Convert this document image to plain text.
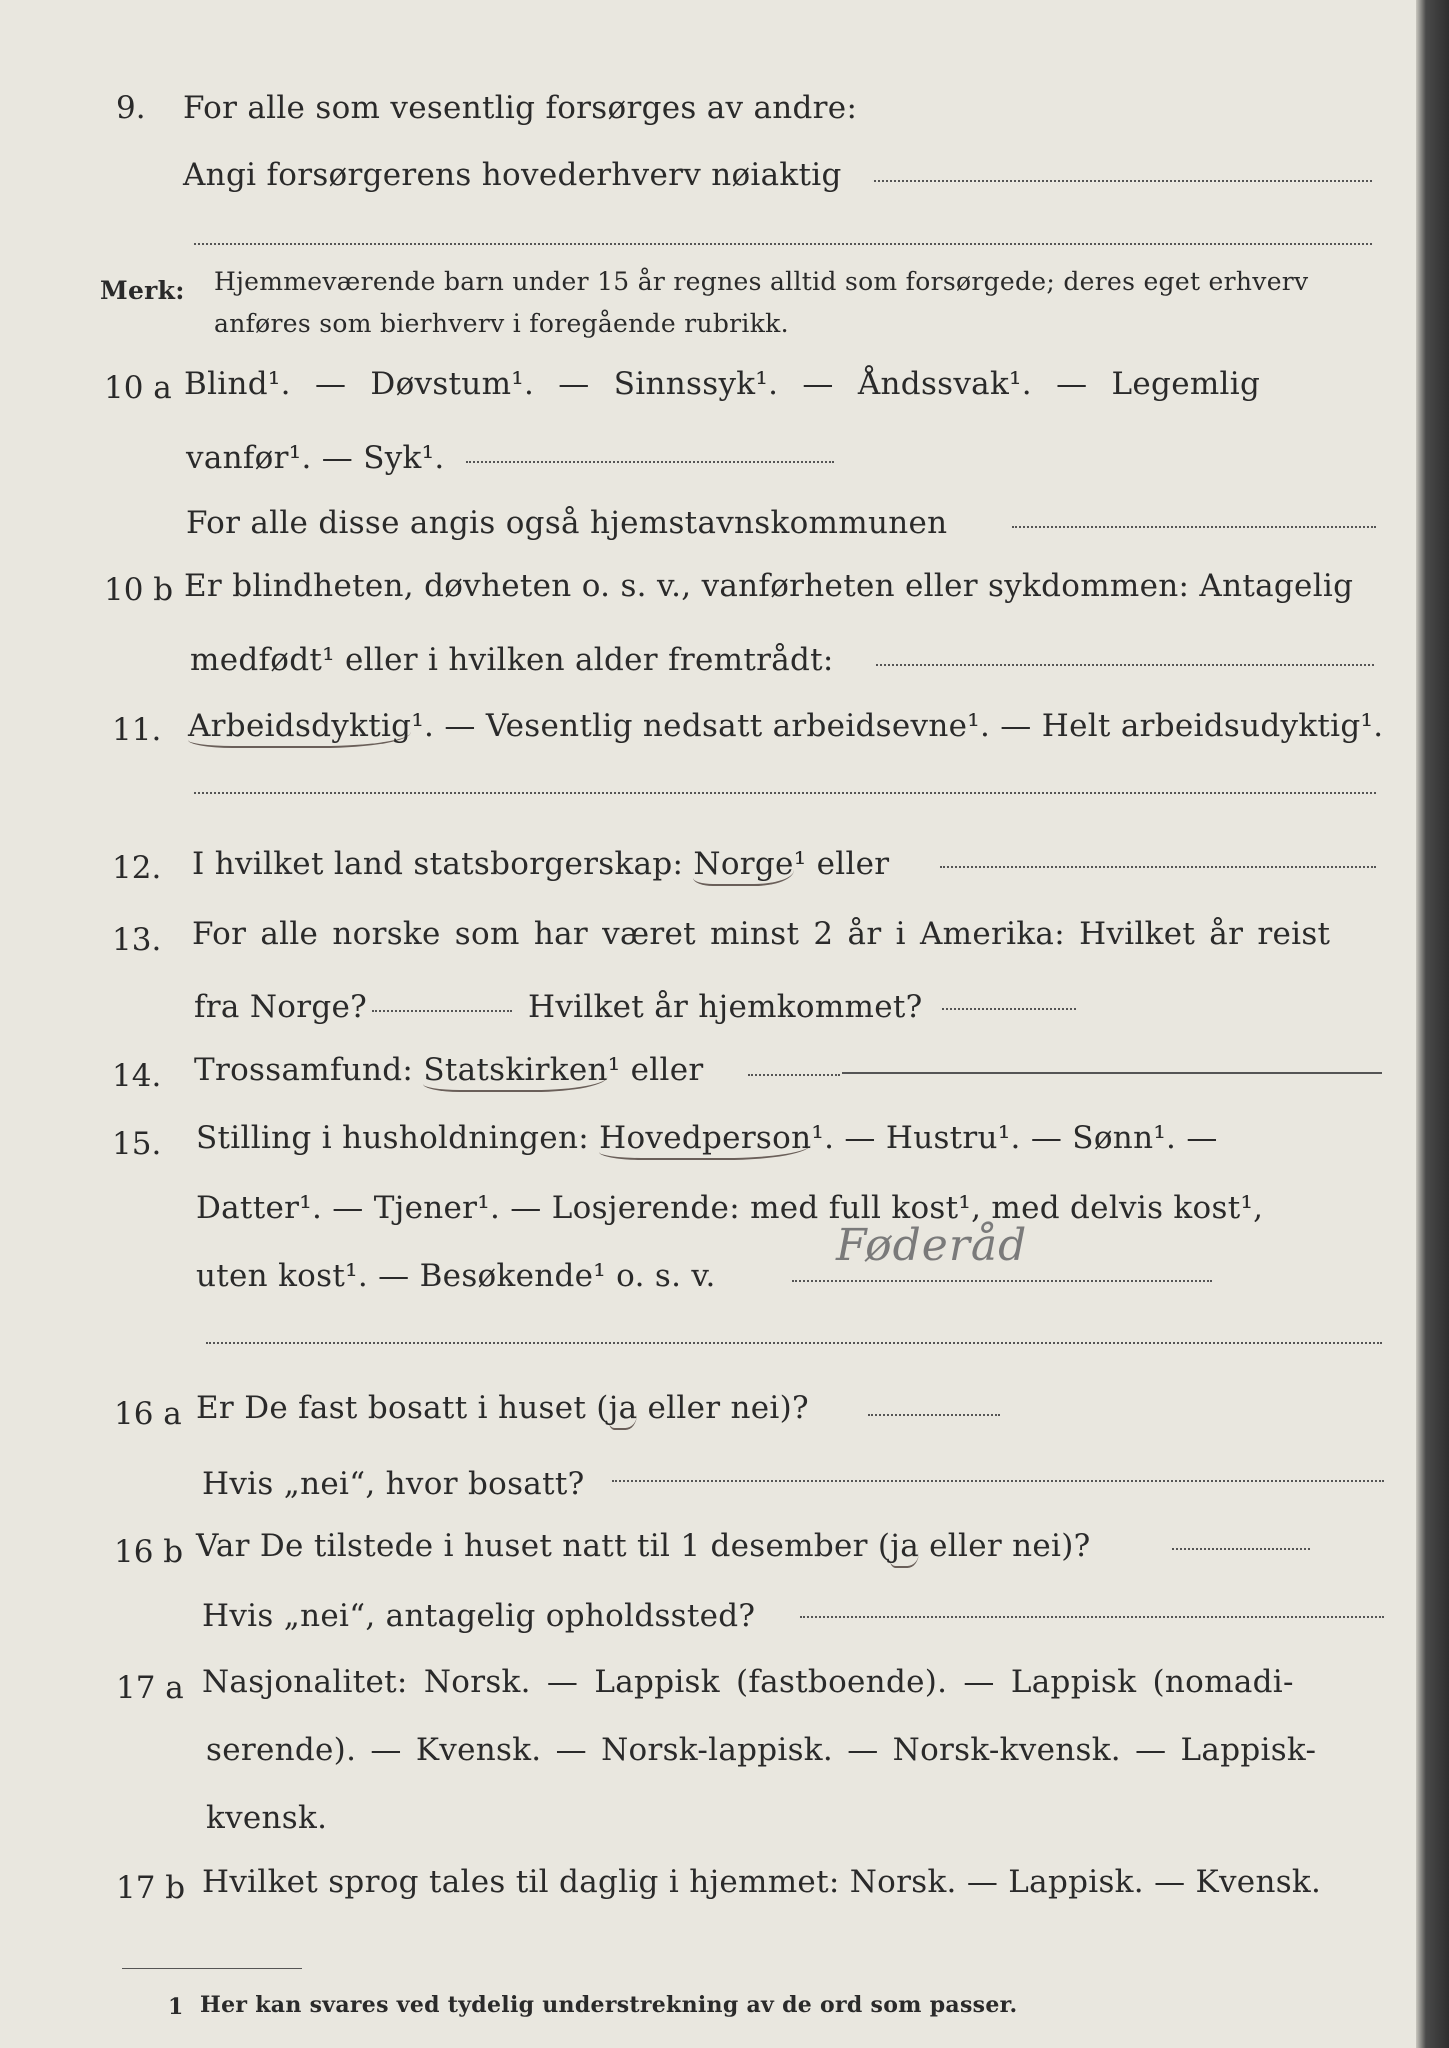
9. For alle som vesentlig forsørges av andre:
Angi forsørgerens hovederhverv nøiaktig
Merk: Hjemmeværende barn under 15 år regnes alltid som forsørgede; deres eget erhverv
anføres som bierhverv i foregående rubrikk.
10 a Blind¹. — Døvstum¹. — Sinnssyk¹. — Åndssvak¹. — Legemlig
vanfør¹. — Syk¹.
For alle disse angis også hjemstavnskommunen
10 b Er blindheten, døvheten o. s. v., vanførheten eller sykdommen: Antagelig
medfødt¹ eller i hvilken alder fremtrådt:
11. Arbeidsdyktig¹. — Vesentlig nedsatt arbeidsevne¹. — Helt arbeidsudyktig¹.
12. I hvilket land statsborgerskap: Norge¹ eller
13. For alle norske som har været minst 2 år i Amerika: Hvilket år reist
fra Norge?	Hvilket år hjemkommet?
14. Trossamfund: Statskirken¹ eller
15. Stilling i husholdningen: Hovedperson¹. — Hustru¹. — Sønn¹. —
Datter¹. — Tjener¹. — Losjerende: med full kost¹, med delvis kost¹,
uten kost¹. — Besøkende¹ o. s. v.
Føderåd
16 a Er De fast bosatt i huset (ja eller nei)?
Hvis „nei“, hvor bosatt?
16 b Var De tilstede i huset natt til 1 desember (ja eller nei)?
Hvis „nei“, antagelig opholdssted?
17 a Nasjonalitet: Norsk. — Lappisk (fastboende). — Lappisk (nomadi-
serende). — Kvensk. — Norsk-lappisk. — Norsk-kvensk. — Lappisk-
kvensk.
17 b Hvilket sprog tales til daglig i hjemmet: Norsk. — Lappisk. — Kvensk.
1 Her kan svares ved tydelig understrekning av de ord som passer.
